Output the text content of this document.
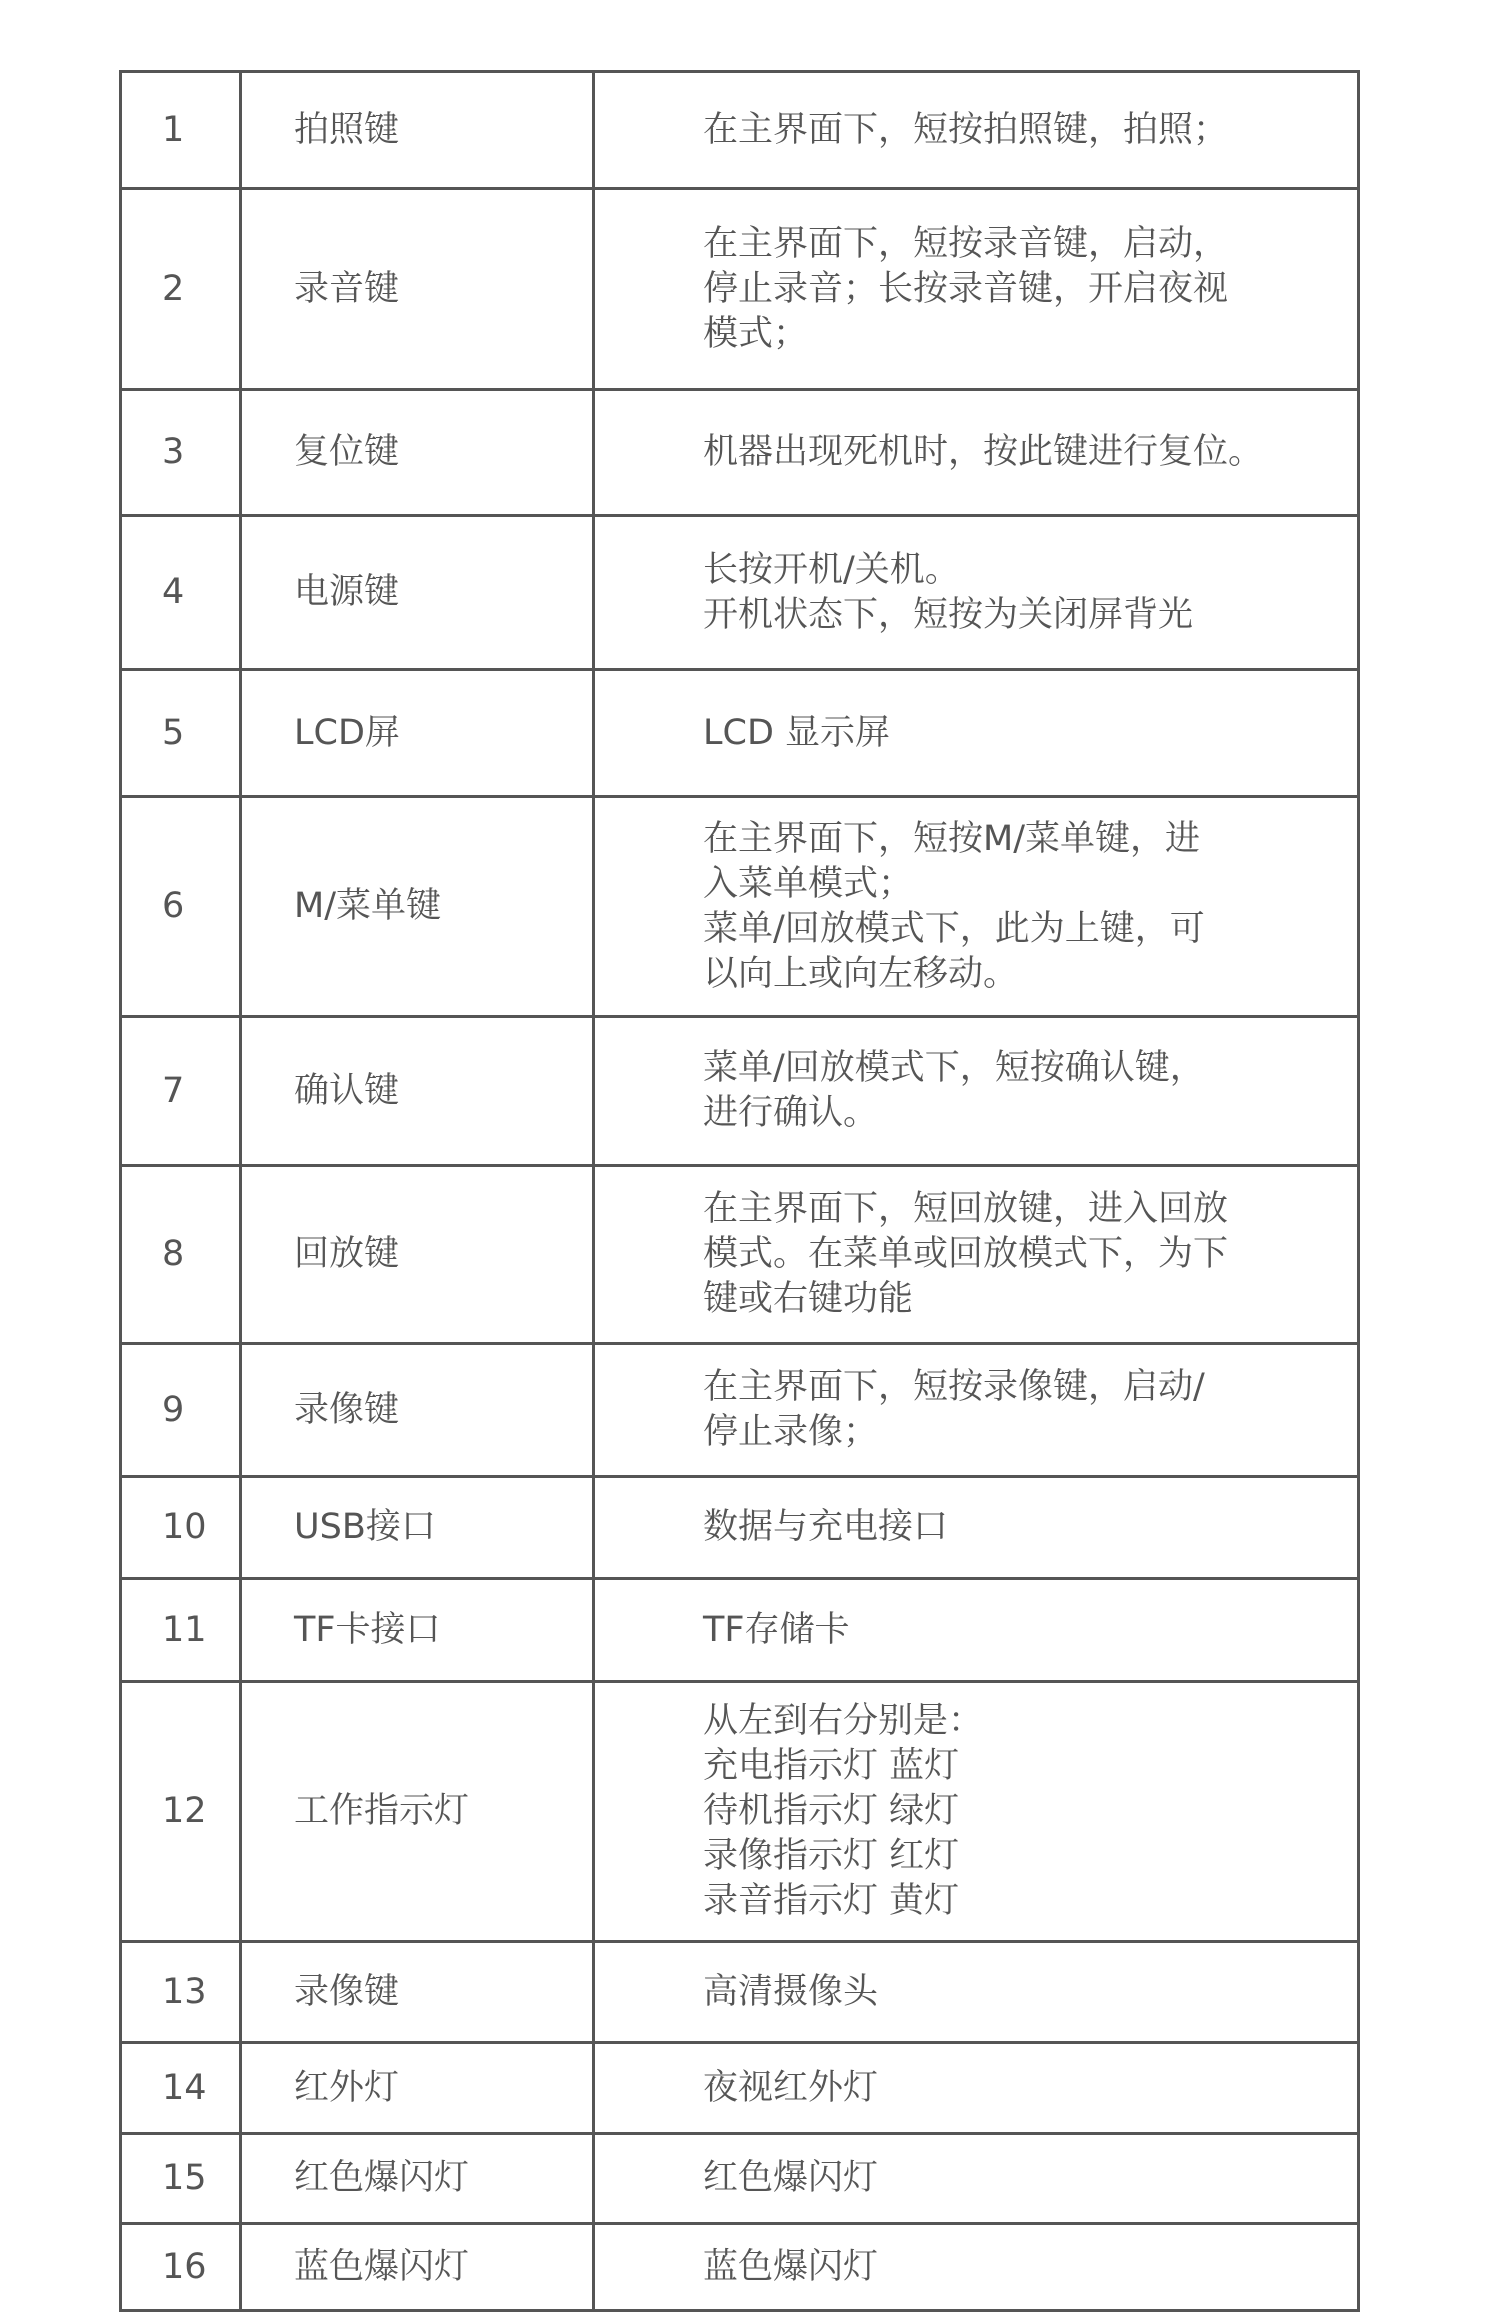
1	拍照键	在主界面下，短按拍照键，拍照；

2	录音键	在主界面下，短按录音键，启动，
停止录音；长按录音键，开启夜视
模式；

3	复位键	机器出现死机时，按此键进行复位。

4	电源键	长按开机/关机。
开机状态下，短按为关闭屏背光

5	LCD屏	LCD 显示屏

6	M/菜单键	在主界面下，短按M/菜单键，进
入菜单模式；
菜单/回放模式下，此为上键，可
以向上或向左移动。

7	确认键	菜单/回放模式下，短按确认键，
进行确认。

8	回放键	在主界面下，短回放键，进入回放
模式。在菜单或回放模式下，为下
键或右键功能

9	录像键	在主界面下，短按录像键，启动/
停止录像；

10	USB接口	数据与充电接口

11	TF卡接口	TF存储卡

12	工作指示灯	从左到右分别是：
充电指示灯 蓝灯
待机指示灯 绿灯
录像指示灯 红灯
录音指示灯 黄灯

13	录像键	高清摄像头

14	红外灯	夜视红外灯

15	红色爆闪灯	红色爆闪灯

16	蓝色爆闪灯	蓝色爆闪灯
